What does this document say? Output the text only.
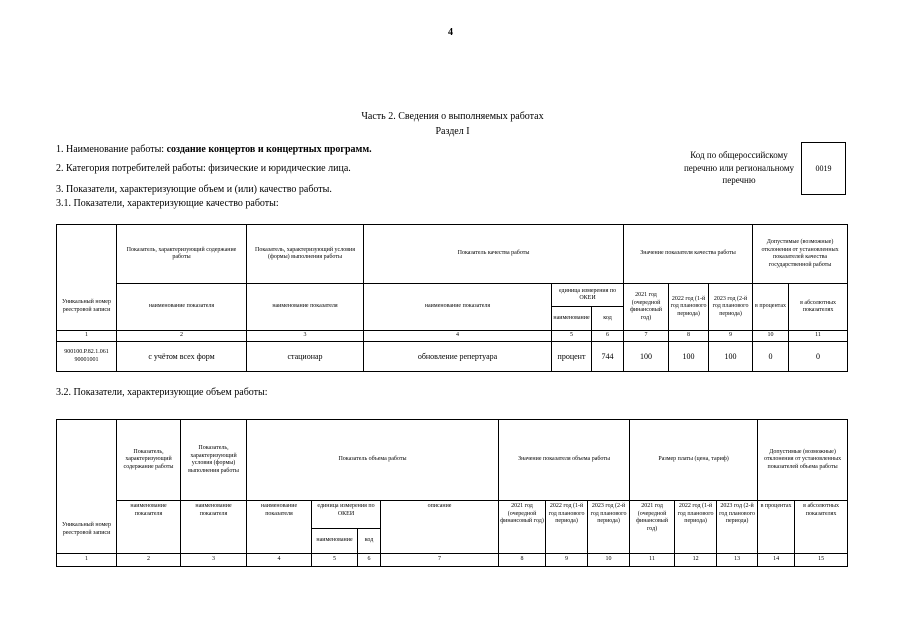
4
Часть 2. Сведения о выполняемых работах
Раздел I
1. Наименование работы: создание концертов и концертных программ.
2. Категория потребителей работы: физические и юридические лица.
3. Показатели, характеризующие объем и (или) качество работы.
3.1. Показатели, характеризующие качество работы:
Код по общероссийскому перечню или региональному перечню
0019
Уникальный номер реестровой записи	Показатель, характеризующий содержание работы	Показатель, характеризующий условия (формы) выполнения работы	Показатель качества работы			Значение показателя качества работы			Допустимые (возможные) отклонения от установленных показателей качества государственной работы	
	наименование показателя	наименование показателя	наименование показателя	единица измерения по ОКЕИ		2021 год (очередной финансовый год)	2022 год (1-й год планового периода)	2023 год (2-й год планового периода)	в процентах	в абсолютных показателях
				наименование	код					
1	2	3	4	5	6	7	8	9	10	11
900100.Р.82.1.061 90001001	с учётом всех форм	стационар	обновление репертуара	процент	744	100	100	100	0	0
3.2. Показатели, характеризующие объем работы:
Уникальный номер реестровой записи	Показатель, характеризующий содержание работы	Показатель, характеризующий условия (формы) выполнения работы	Показатель объема работы				Значение показателя объема работы			Размер платы (цена, тариф)			Допустимые (возможные) отклонения от установленных показателей объема работы	
	наименование показателя	наименование показателя	наименование показателя	единица измерения по ОКЕИ		описание	2021 год (очередной финансовый год)	2022 год (1-й год планового периода)	2023 год (2-й год планового периода)	2021 год (очередной финансовый год)	2022 год (1-й год планового периода)	2023 год (2-й год планового периода)	в процентах	в абсолютных показателях
				наименование	код									
1	2	3	4	5	6	7	8	9	10	11	12	13	14	15
